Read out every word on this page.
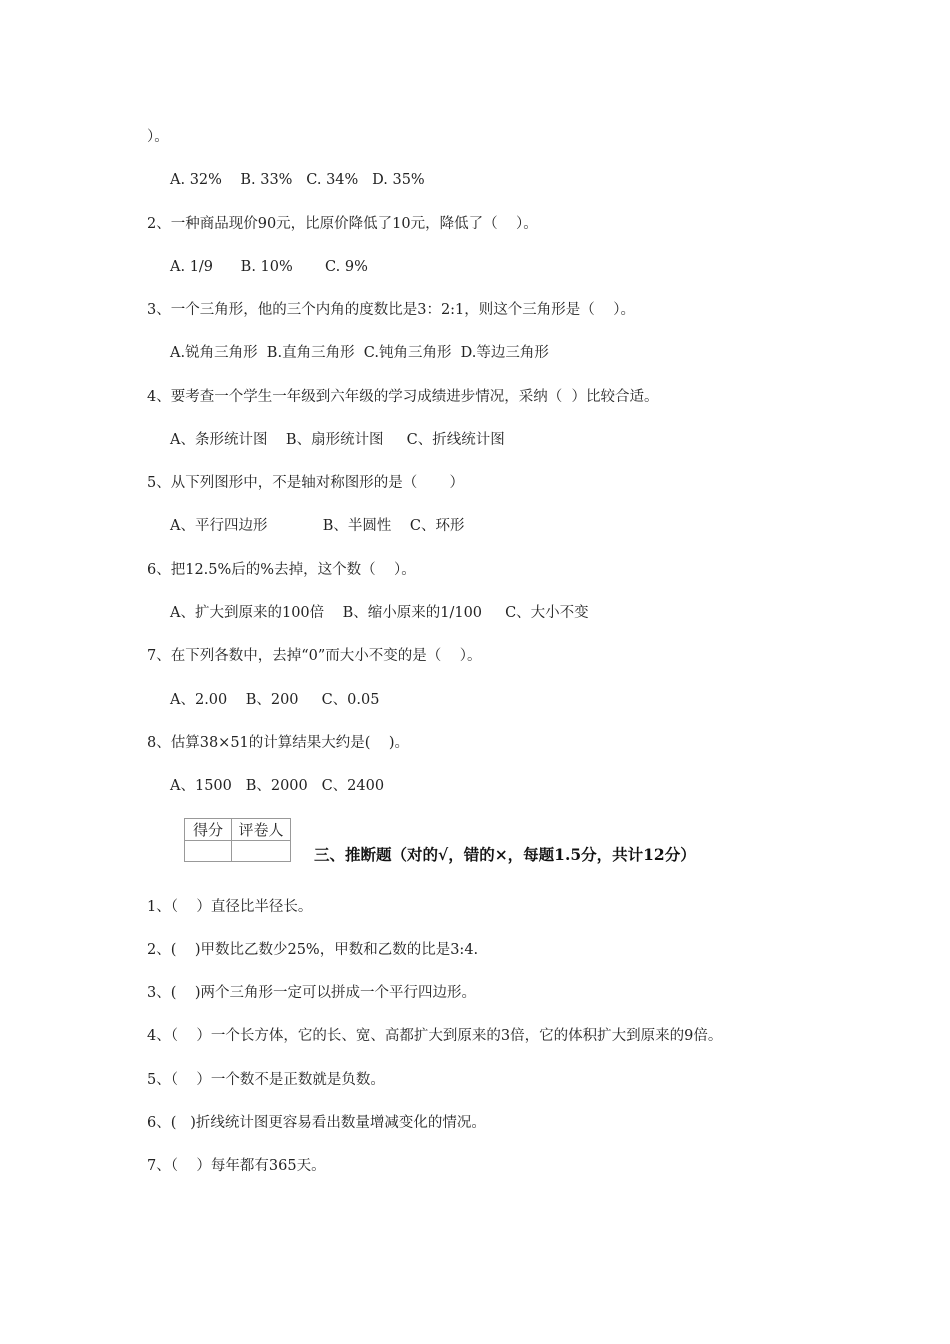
）。
A. 32%    B. 33%   C. 34%   D. 35%
2、一种商品现价90元，比原价降低了10元，降低了（    ）。
A. 1/9      B. 10%       C. 9%
3、一个三角形，他的三个内角的度数比是3：2:1，则这个三角形是（    ）。
A.锐角三角形  B.直角三角形  C.钝角三角形  D.等边三角形
4、要考查一个学生一年级到六年级的学习成绩进步情况，采纳（  ）比较合适。
A、条形统计图    B、扇形统计图     C、折线统计图
5、从下列图形中，不是轴对称图形的是（       ）
A、平行四边形            B、半圆性    C、环形
6、把12.5%后的%去掉，这个数（    ）。
A、扩大到原来的100倍    B、缩小原来的1/100     C、大小不变
7、在下列各数中，去掉“0”而大小不变的是（    ）。
A、2.00    B、200     C、0.05
8、估算38×51的计算结果大约是(    )。
A、1500   B、2000   C、2400
得分	评卷人

三、推断题（对的√，错的×，每题1.5分，共计12分）
1、（    ）直径比半径长。
2、(    )甲数比乙数少25%，甲数和乙数的比是3:4.
3、(    )两个三角形一定可以拼成一个平行四边形。
4、（    ）一个长方体，它的长、宽、高都扩大到原来的3倍，它的体积扩大到原来的9倍。
5、（    ）一个数不是正数就是负数。
6、(   )折线统计图更容易看出数量增减变化的情况。
7、（    ）每年都有365天。
